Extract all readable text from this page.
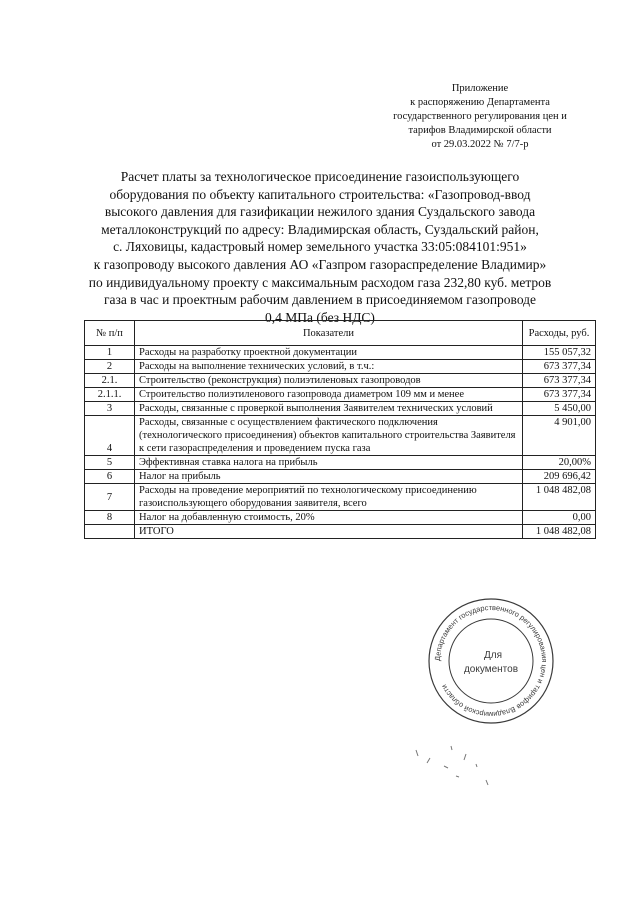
Приложение
к распоряжению Департамента
государственного регулирования цен и
тарифов Владимирской области
от 29.03.2022 № 7/7-р
Расчет платы за технологическое присоединение газоиспользующего
оборудования по объекту капитального строительства: «Газопровод-ввод
высокого давления для газификации нежилого здания Суздальского завода
металлоконструкций по адресу: Владимирская область, Суздальский район,
с. Ляховицы, кадастровый номер земельного участка 33:05:084101:951»
к газопроводу высокого давления АО «Газпром газораспределение Владимир»
по индивидуальному проекту с максимальным расходом газа 232,80 куб. метров
газа в час и проектным рабочим давлением в присоединяемом газопроводе
0,4 МПа (без НДС)
№ п/п	Показатели	Расходы, руб.
1	Расходы на разработку проектной документации	155 057,32
2	Расходы на выполнение технических условий, в т.ч.:	673 377,34
2.1.	Строительство (реконструкция) полиэтиленовых газопроводов	673 377,34
2.1.1.	Строительство полиэтиленового газопровода диаметром 109 мм и менее	673 377,34
3	Расходы, связанные с проверкой выполнения Заявителем технических условий	5 450,00
4	Расходы, связанные с осуществлением фактического подключения (технологического присоединения) объектов капитального строительства Заявителя к сети газораспределения и проведением пуска газа	4 901,00
5	Эффективная ставка налога на прибыль	20,00%
6	Налог на прибыль	209 696,42
7	Расходы на проведение мероприятий по технологическому присоединению газоиспользующего оборудования заявителя, всего	1 048 482,08
8	Налог на добавленную стоимость, 20%	0,00
	ИТОГО	1 048 482,08
Департамент государственного регулирования цен и тарифов Владимирской области
Для
документов
